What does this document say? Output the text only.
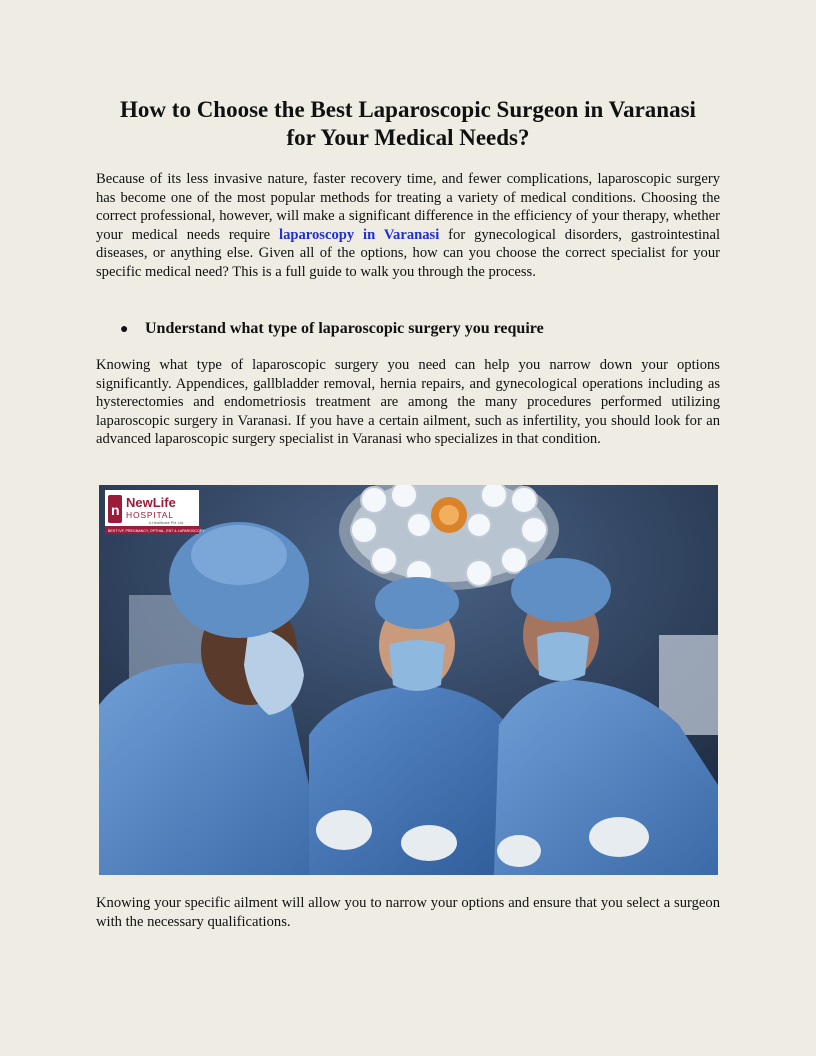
How to Choose the Best Laparoscopic Surgeon in Varanasi
for Your Medical Needs?

Because of its less invasive nature, faster recovery time, and fewer complications, laparoscopic surgery has become one of the most popular methods for treating a variety of medical conditions. Choosing the correct professional, however, will make a significant difference in the efficiency of your therapy, whether your medical needs require laparoscopy in Varanasi for gynecological disorders, gastrointestinal diseases, or anything else. Given all of the options, how can you choose the correct specialist for your specific medical need? This is a full guide to walk you through the process.

● Understand what type of laparoscopic surgery you require

Knowing what type of laparoscopic surgery you need can help you narrow down your options significantly. Appendices, gallbladder removal, hernia repairs, and gynecological operations including as hysterectomies and endometriosis treatment are among the many procedures performed utilizing laparoscopic surgery in Varanasi. If you have a certain ailment, such as infertility, you should look for an advanced laparoscopic surgery specialist in Varanasi who specializes in that condition.

n NewLife
HOSPITAL
& Healthcare Pvt. Ltd.
BEST IVF, PREGNANCY, OPTHAL, ENT & LAPAROSCOPY

Knowing your specific ailment will allow you to narrow your options and ensure that you select a surgeon with the necessary qualifications.
